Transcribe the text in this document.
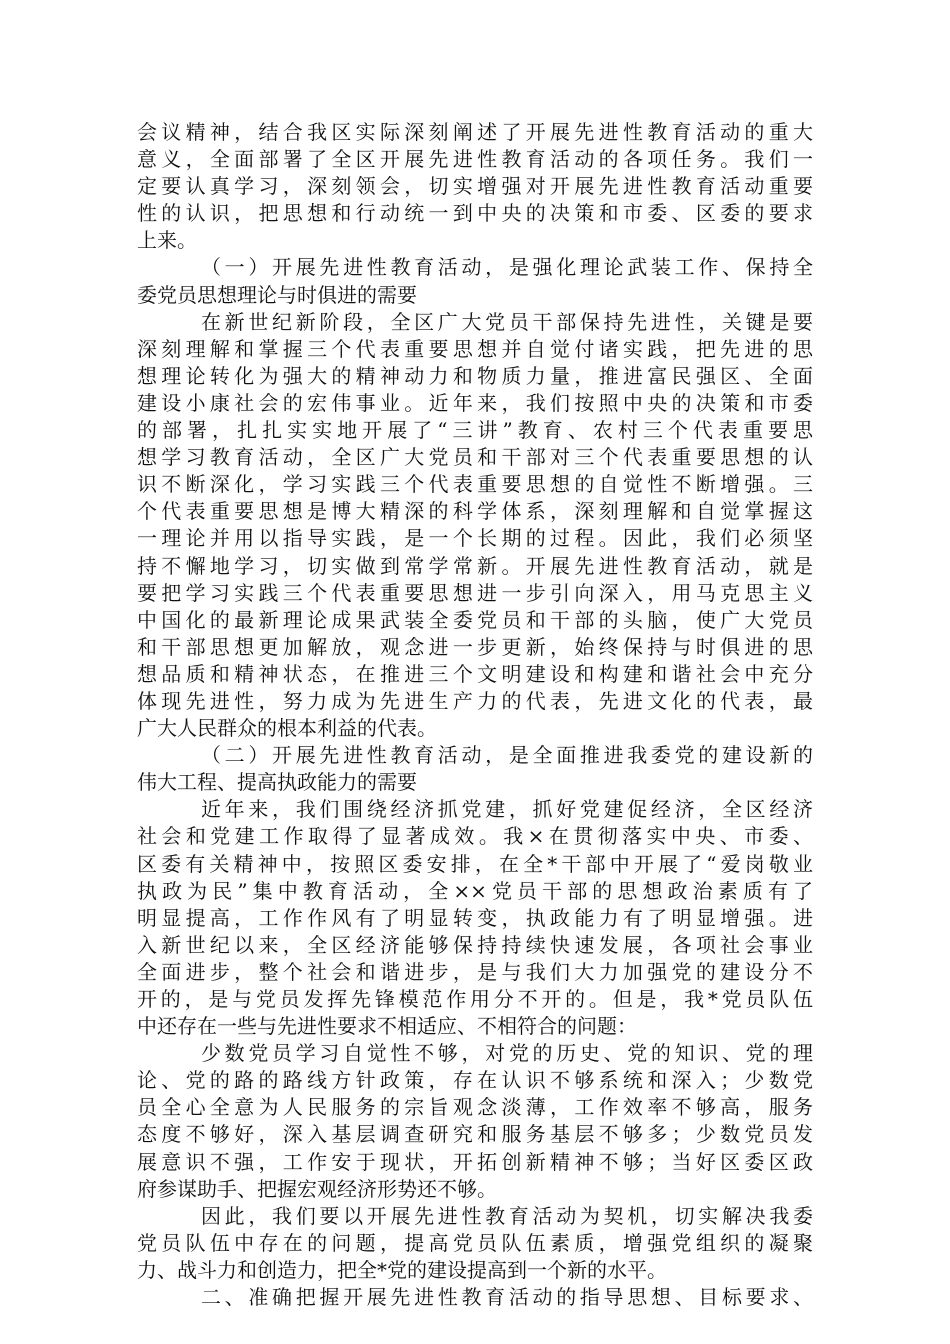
会议精神，结合我区实际深刻阐述了开展先进性教育活动的重大
意义，全面部署了全区开展先进性教育活动的各项任务。我们一
定要认真学习，深刻领会，切实增强对开展先进性教育活动重要
性的认识，把思想和行动统一到中央的决策和市委、区委的要求
上来。
（一）开展先进性教育活动，是强化理论武装工作、保持全
委党员思想理论与时俱进的需要
在新世纪新阶段，全区广大党员干部保持先进性，关键是要
深刻理解和掌握三个代表重要思想并自觉付诸实践，把先进的思
想理论转化为强大的精神动力和物质力量，推进富民强区、全面
建设小康社会的宏伟事业。近年来，我们按照中央的决策和市委
的部署，扎扎实实地开展了“三讲”教育、农村三个代表重要思
想学习教育活动，全区广大党员和干部对三个代表重要思想的认
识不断深化，学习实践三个代表重要思想的自觉性不断增强。三
个代表重要思想是博大精深的科学体系，深刻理解和自觉掌握这
一理论并用以指导实践，是一个长期的过程。因此，我们必须坚
持不懈地学习，切实做到常学常新。开展先进性教育活动，就是
要把学习实践三个代表重要思想进一步引向深入，用马克思主义
中国化的最新理论成果武装全委党员和干部的头脑，使广大党员
和干部思想更加解放，观念进一步更新，始终保持与时俱进的思
想品质和精神状态，在推进三个文明建设和构建和谐社会中充分
体现先进性，努力成为先进生产力的代表，先进文化的代表，最
广大人民群众的根本利益的代表。
（二）开展先进性教育活动，是全面推进我委党的建设新的
伟大工程、提高执政能力的需要
近年来，我们围绕经济抓党建，抓好党建促经济，全区经济
社会和党建工作取得了显著成效。我×在贯彻落实中央、市委、
区委有关精神中，按照区委安排，在全*干部中开展了“爱岗敬业
执政为民”集中教育活动，全××党员干部的思想政治素质有了
明显提高，工作作风有了明显转变，执政能力有了明显增强。进
入新世纪以来，全区经济能够保持持续快速发展，各项社会事业
全面进步，整个社会和谐进步，是与我们大力加强党的建设分不
开的，是与党员发挥先锋模范作用分不开的。但是，我*党员队伍
中还存在一些与先进性要求不相适应、不相符合的问题：
少数党员学习自觉性不够，对党的历史、党的知识、党的理
论、党的路的路线方针政策，存在认识不够系统和深入；少数党
员全心全意为人民服务的宗旨观念淡薄，工作效率不够高，服务
态度不够好，深入基层调查研究和服务基层不够多；少数党员发
展意识不强，工作安于现状，开拓创新精神不够；当好区委区政
府参谋助手、把握宏观经济形势还不够。
因此，我们要以开展先进性教育活动为契机，切实解决我委
党员队伍中存在的问题，提高党员队伍素质，增强党组织的凝聚
力、战斗力和创造力，把全*党的建设提高到一个新的水平。
二、准确把握开展先进性教育活动的指导思想、目标要求、
